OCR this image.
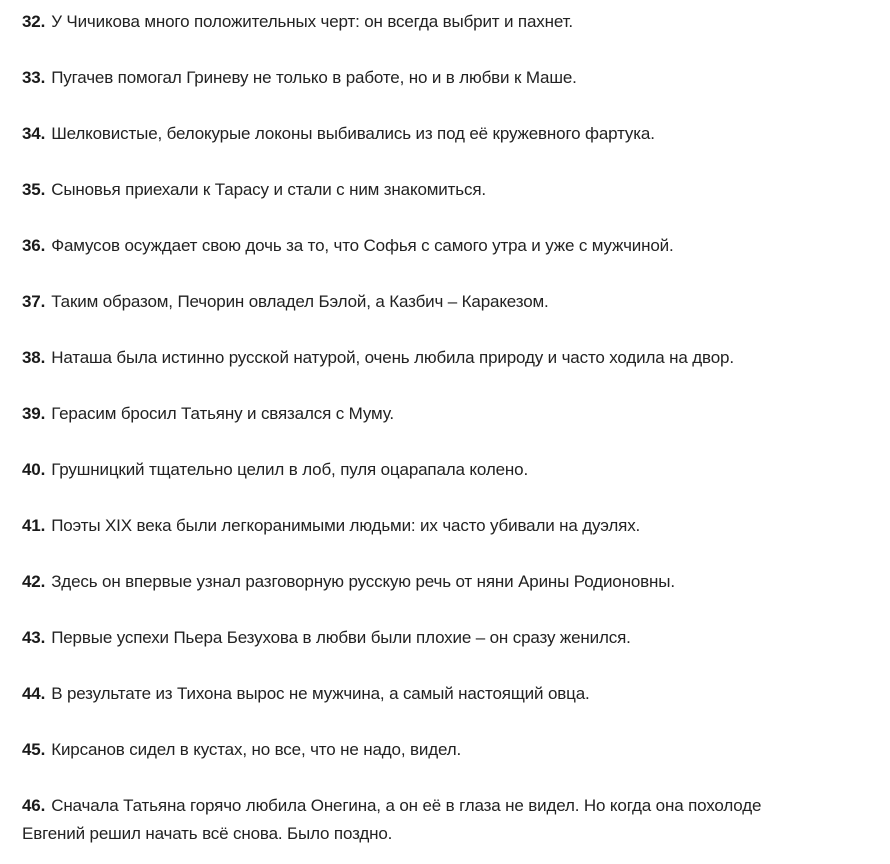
32. У Чичикова много положительных черт: он всегда выбрит и пахнет.
33. Пугачев помогал Гриневу не только в работе, но и в любви к Маше.
34. Шелковистые, белокурые локоны выбивались из под её кружевного фартука.
35. Сыновья приехали к Тарасу и стали с ним знакомиться.
36. Фамусов осуждает свою дочь за то, что Софья с самого утра и уже с мужчиной.
37. Таким образом, Печорин овладел Бэлой, а Казбич – Каракезом.
38. Наташа была истинно русской натурой, очень любила природу и часто ходила на двор.
39. Герасим бросил Татьяну и связался с Муму.
40. Грушницкий тщательно целил в лоб, пуля оцарапала колено.
41. Поэты XIX века были легкоранимыми людьми: их часто убивали на дуэлях.
42. Здесь он впервые узнал разговорную русскую речь от няни Арины Родионовны.
43. Первые успехи Пьера Безухова в любви были плохие – он сразу женился.
44. В результате из Тихона вырос не мужчина, а самый настоящий овца.
45. Кирсанов сидел в кустах, но все, что не надо, видел.
46. Сначала Татьяна горячо любила Онегина, а он её в глаза не видел. Но когда она похолоде
Евгений решил начать всё снова. Было поздно.
